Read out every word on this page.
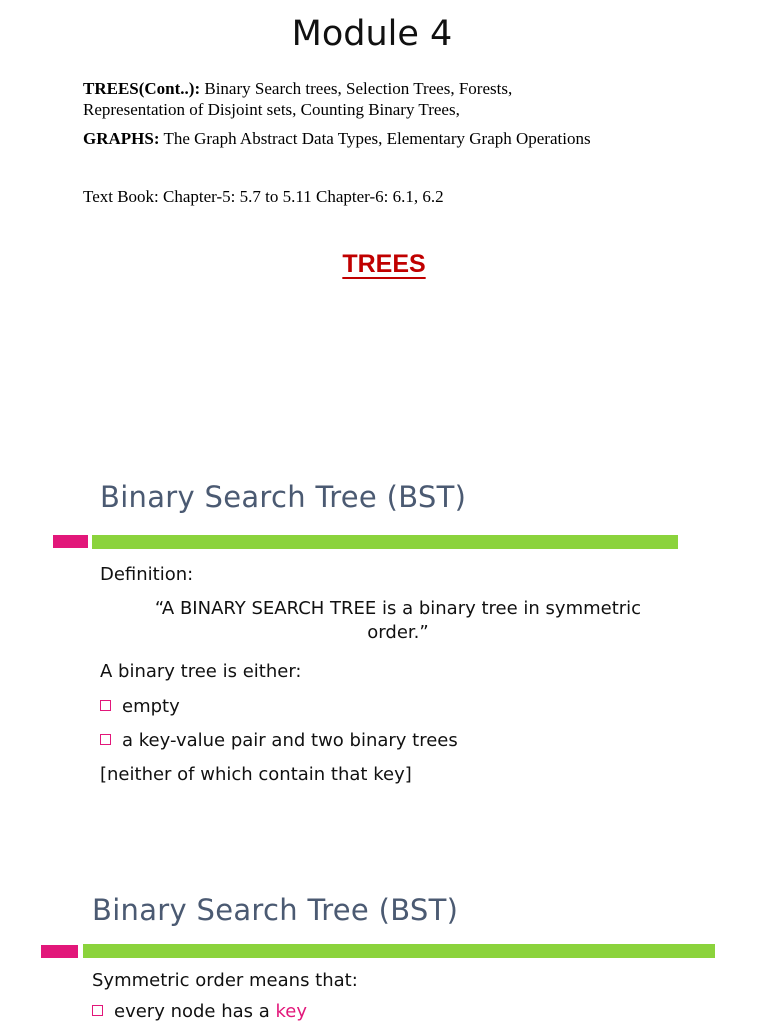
Module 4
TREES(Cont..): Binary Search trees, Selection Trees, Forests,
Representation of Disjoint sets, Counting Binary Trees,
GRAPHS: The Graph Abstract Data Types, Elementary Graph Operations
Text Book: Chapter-5: 5.7 to 5.11 Chapter-6: 6.1, 6.2
TREES
Binary Search Tree (BST)
Definition:
“A BINARY SEARCH TREE is a binary tree in symmetric
order.”
A binary tree is either:
empty
a key-value pair and two binary trees
[neither of which contain that key]
Binary Search Tree (BST)
Symmetric order means that:
every node has a key
